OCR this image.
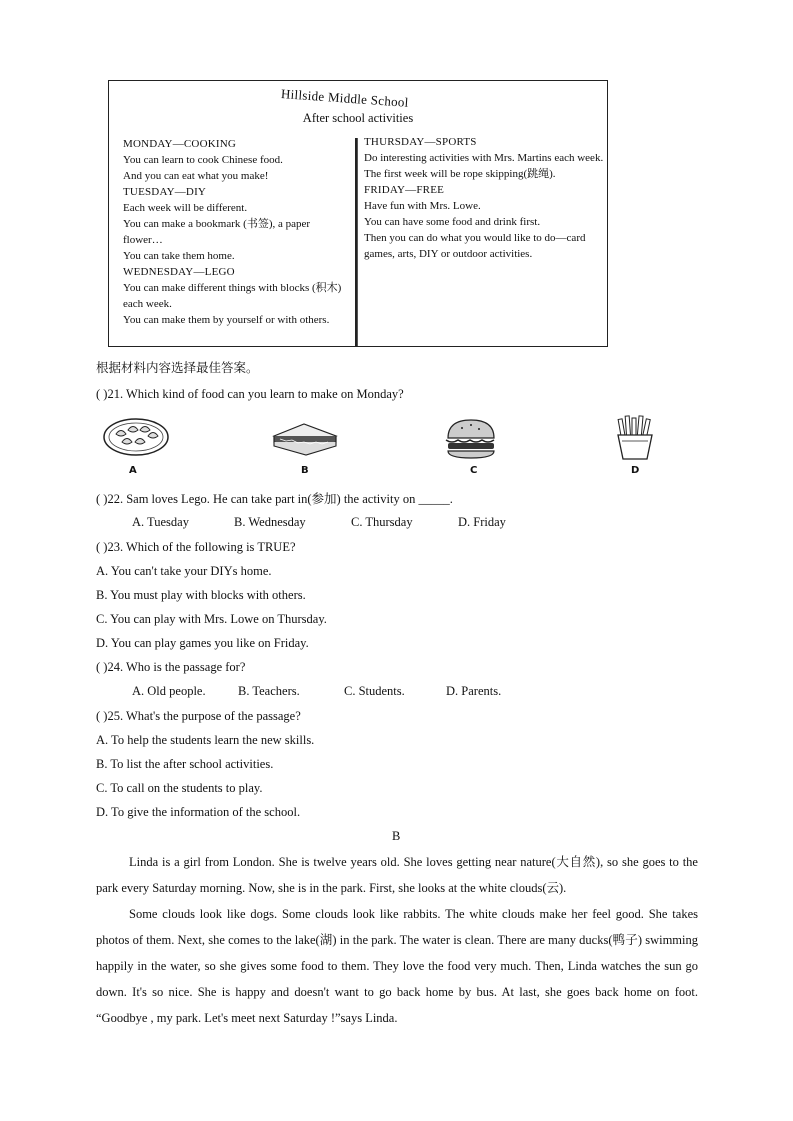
Hillside Middle School
After school activities

MONDAY—COOKING

You can learn to cook Chinese food.

And you can eat what you make!

TUESDAY—DIY

Each week will be different.

You can make a bookmark (书签), a paper flower…

You can take them home.

WEDNESDAY—LEGO

You can make different things with blocks (积木) each week.

You can make them by yourself or with others.

THURSDAY—SPORTS

Do interesting activities with Mrs. Martins each week.

The first week will be rope skipping(跳绳).

FRIDAY—FREE

Have fun with Mrs. Lowe.

You can have some food and drink first.

Then you can do what you would like to do—card games, arts, DIY or outdoor activities.

根据材料内容选择最佳答案。
( )21. Which kind of food can you learn to make on Monday?
A	B	C	D
( )22. Sam loves Lego. He can take part in(参加) the activity on _____.
A. Tuesday	B. Wednesday	C. Thursday	D. Friday
( )23. Which of the following is TRUE?
A. You can't take your DIYs home.
B. You must play with blocks with others.
C. You can play with Mrs. Lowe on Thursday.
D. You can play games you like on Friday.
( )24. Who is the passage for?
A. Old people.	B. Teachers.	C. Students.	D. Parents.
( )25. What's the purpose of the passage?
A. To help the students learn the new skills.
B. To list the after school activities.
C. To call on the students to play.
D. To give the information of the school.
B
Linda is a girl from London. She is twelve years old. She loves getting near nature(大自然), so she goes to the park every Saturday morning. Now, she is in the park. First, she looks at the white clouds(云).
Some clouds look like dogs. Some clouds look like rabbits. The white clouds make her feel good. She takes photos of them. Next, she comes to the lake(湖) in the park. The water is clean. There are many ducks(鸭子) swimming happily in the water, so she gives some food to them. They love the food very much. Then, Linda watches the sun go down. It's so nice. She is happy and doesn't want to go back home by bus. At last, she goes back home on foot. “Goodbye , my park. Let's meet next Saturday !”says Linda.
